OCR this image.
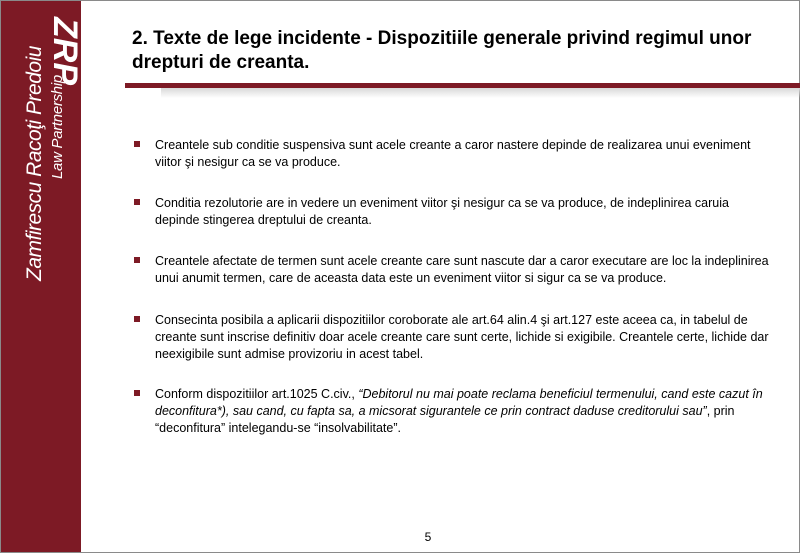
ZRP
Zamfirescu Racoţi Predoiu Law Partnership
2. Texte de lege incidente - Dispozitiile generale privind regimul unor drepturi de creanta.
Creantele sub conditie suspensiva sunt acele creante a caror nastere depinde de realizarea unui eveniment viitor şi nesigur ca se va produce.
Conditia rezolutorie are in vedere un eveniment viitor şi nesigur ca se va produce, de indeplinirea caruia depinde stingerea dreptului de creanta.
Creantele afectate de termen sunt acele creante care sunt nascute dar a caror executare are loc la indeplinirea unui anumit termen, care de aceasta data este un eveniment viitor si sigur ca se va produce.
Consecinta posibila a aplicarii dispozitiilor coroborate ale art.64 alin.4 şi art.127 este aceea ca, in tabelul de creante sunt inscrise definitiv doar acele creante care sunt certe, lichide si exigibile. Creantele certe, lichide dar neexigibile sunt admise provizoriu in acest tabel.
Conform dispozitiilor art.1025 C.civ., “Debitorul nu mai poate reclama beneficiul termenului, cand este cazut în deconfitura*), sau cand, cu fapta sa, a micsorat sigurantele ce prin contract daduse creditorului sau”, prin “deconfitura” intelegandu-se “insolvabilitate”.
5
